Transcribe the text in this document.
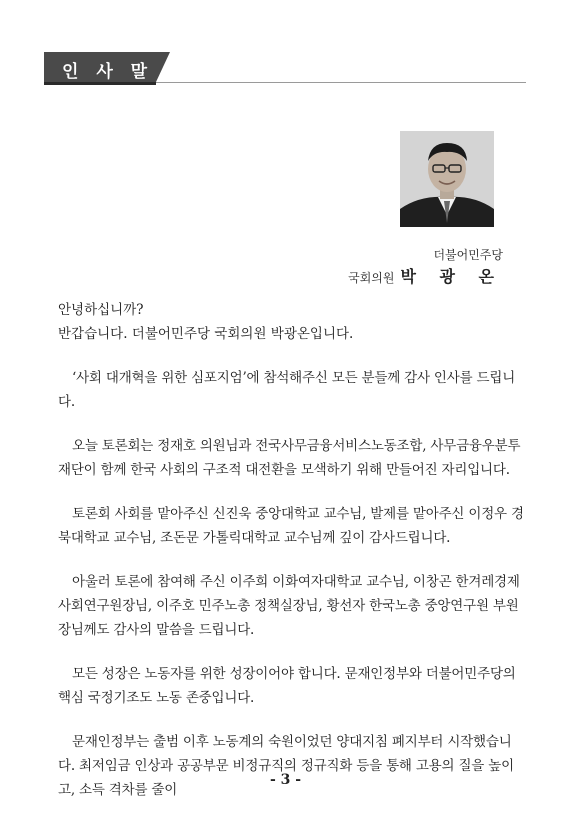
인 사 말
더불어민주당
국회의원 박 광 온

안녕하십니까?

반갑습니다. 더불어민주당 국회의원 박광온입니다.

‘사회 대개혁을 위한 심포지엄’에 참석해주신 모든 분들께 감사 인사를 드립니다.

오늘 토론회는 정재호 의원님과 전국사무금융서비스노동조합, 사무금융우분투재단이 함께 한국 사회의 구조적 대전환을 모색하기 위해 만들어진 자리입니다.

토론회 사회를 맡아주신 신진욱 중앙대학교 교수님, 발제를 맡아주신 이정우 경북대학교 교수님, 조돈문 가톨릭대학교 교수님께 깊이 감사드립니다.

아울러 토론에 참여해 주신 이주희 이화여자대학교 교수님, 이창곤 한겨레경제사회연구원장님, 이주호 민주노총 정책실장님, 황선자 한국노총 중앙연구원 부원장님께도 감사의 말씀을 드립니다.

모든 성장은 노동자를 위한 성장이어야 합니다. 문재인정부와 더불어민주당의 핵심 국정기조도 노동 존중입니다.

문재인정부는 출범 이후 노동계의 숙원이었던 양대지침 폐지부터 시작했습니다. 최저임금 인상과 공공부문 비정규직의 정규직화 등을 통해 고용의 질을 높이고, 소득 격차를 줄이

- 3 -
